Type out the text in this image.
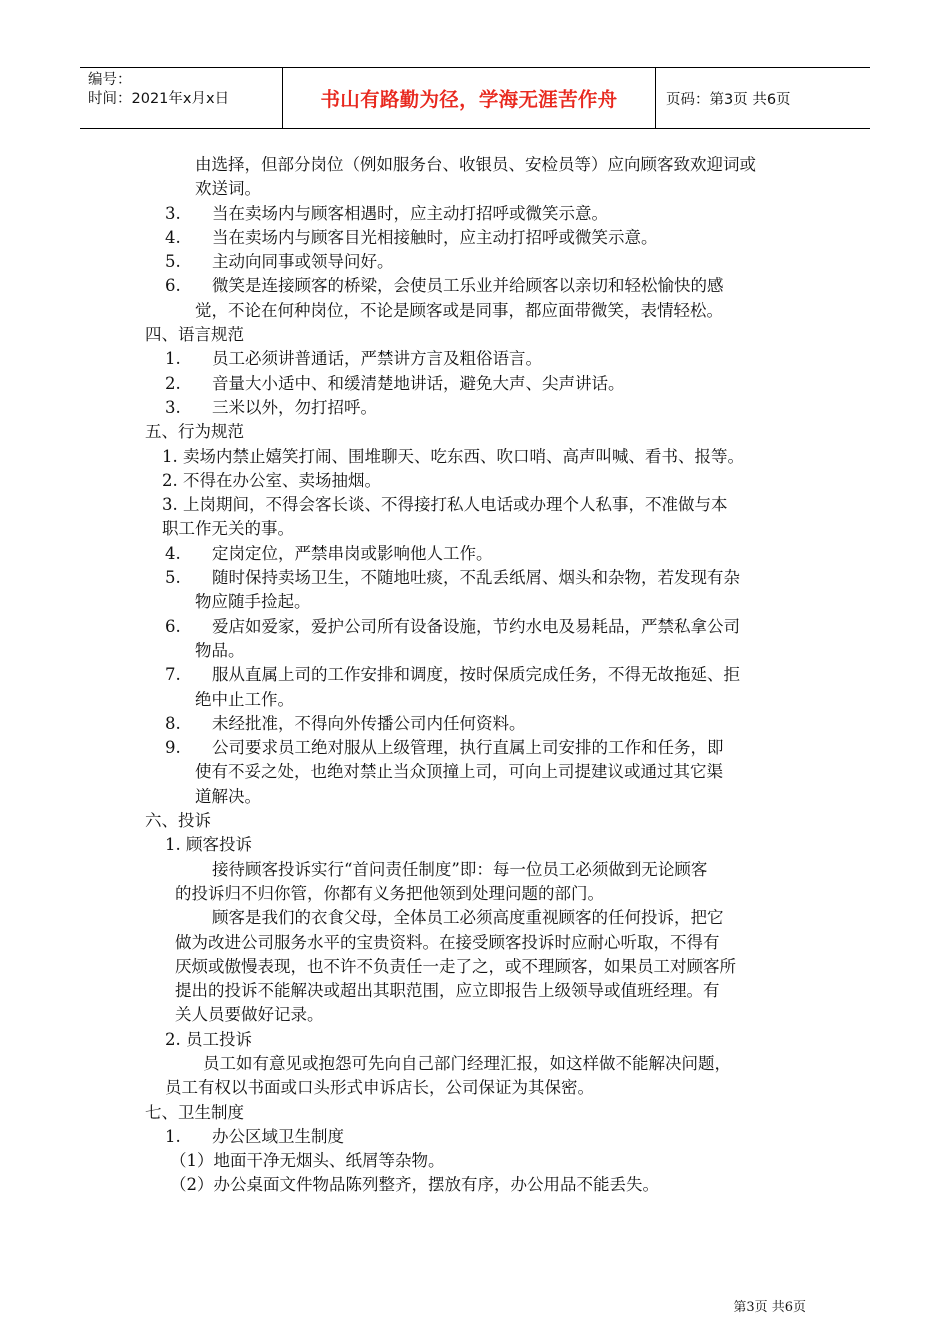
编号：
时间：2021年x月x日	书山有路勤为径，学海无涯苦作舟	页码：第3页 共6页
由选择，但部分岗位（例如服务台、收银员、安检员等）应向顾客致欢迎词或
欢送词。
3. 当在卖场内与顾客相遇时，应主动打招呼或微笑示意。
4. 当在卖场内与顾客目光相接触时，应主动打招呼或微笑示意。
5. 主动向同事或领导问好。
6. 微笑是连接顾客的桥梁，会使员工乐业并给顾客以亲切和轻松愉快的感
觉，不论在何种岗位，不论是顾客或是同事，都应面带微笑，表情轻松。
四、语言规范
1. 员工必须讲普通话，严禁讲方言及粗俗语言。
2. 音量大小适中、和缓清楚地讲话，避免大声、尖声讲话。
3. 三米以外，勿打招呼。
五、行为规范
1. 卖场内禁止嬉笑打闹、围堆聊天、吃东西、吹口哨、高声叫喊、看书、报等。
2. 不得在办公室、卖场抽烟。
3. 上岗期间，不得会客长谈、不得接打私人电话或办理个人私事，不准做与本
职工作无关的事。
4. 定岗定位，严禁串岗或影响他人工作。
5. 随时保持卖场卫生，不随地吐痰，不乱丢纸屑、烟头和杂物，若发现有杂
物应随手捡起。
6. 爱店如爱家，爱护公司所有设备设施，节约水电及易耗品，严禁私拿公司
物品。
7. 服从直属上司的工作安排和调度，按时保质完成任务，不得无故拖延、拒
绝中止工作。
8. 未经批准，不得向外传播公司内任何资料。
9. 公司要求员工绝对服从上级管理，执行直属上司安排的工作和任务，即
使有不妥之处，也绝对禁止当众顶撞上司，可向上司提建议或通过其它渠
道解决。
六、投诉
1. 顾客投诉
接待顾客投诉实行“首问责任制度”即：每一位员工必须做到无论顾客
的投诉归不归你管，你都有义务把他领到处理问题的部门。
顾客是我们的衣食父母，全体员工必须高度重视顾客的任何投诉，把它
做为改进公司服务水平的宝贵资料。在接受顾客投诉时应耐心听取，不得有
厌烦或傲慢表现，也不许不负责任一走了之，或不理顾客，如果员工对顾客所
提出的投诉不能解决或超出其职范围，应立即报告上级领导或值班经理。有
关人员要做好记录。
2. 员工投诉
员工如有意见或抱怨可先向自己部门经理汇报，如这样做不能解决问题，
员工有权以书面或口头形式申诉店长，公司保证为其保密。
七、卫生制度
1. 办公区域卫生制度
（1）地面干净无烟头、纸屑等杂物。
（2）办公桌面文件物品陈列整齐，摆放有序，办公用品不能丢失。
第3页 共6页
